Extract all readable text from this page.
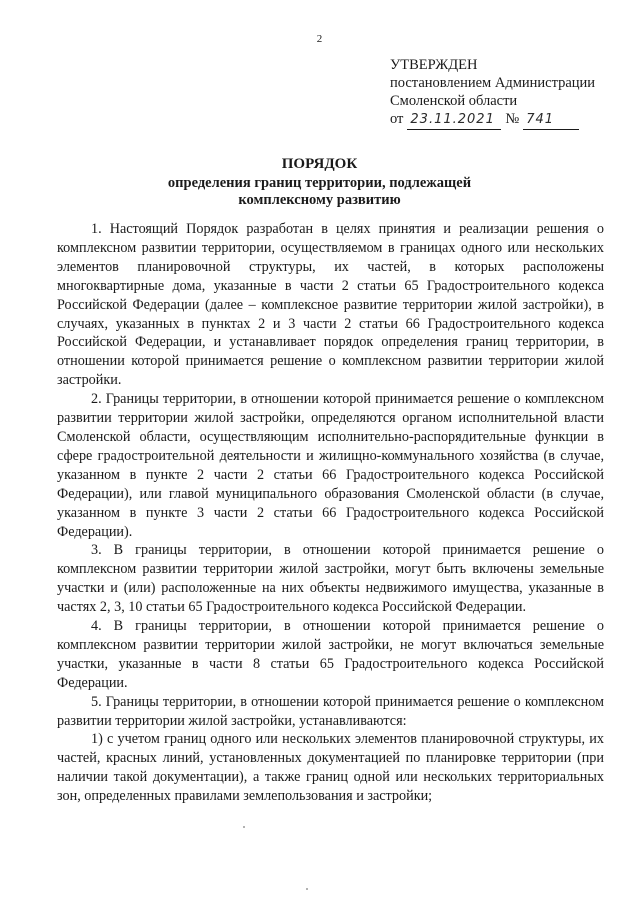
2
УТВЕРЖДЕН
постановлением Администрации
Смоленской области
от 23.11.2021 № 741
ПОРЯДОК
определения границ территории, подлежащей
комплексному развитию

1. Настоящий Порядок разработан в целях принятия и реализации решения о комплексном развитии территории, осуществляемом в границах одного или нескольких элементов планировочной структуры, их частей, в которых расположены многоквартирные дома, указанные в части 2 статьи 65 Градостроительного кодекса Российской Федерации (далее – комплексное развитие территории жилой застройки), в случаях, указанных в пунктах 2 и 3 части 2 статьи 66 Градостроительного кодекса Российской Федерации, и устанавливает порядок определения границ территории, в отношении которой принимается решение о комплексном развитии территории жилой застройки.

2. Границы территории, в отношении которой принимается решение о комплексном развитии территории жилой застройки, определяются органом исполнительной власти Смоленской области, осуществляющим исполнительно-распорядительные функции в сфере градостроительной деятельности и жилищно-коммунального хозяйства (в случае, указанном в пункте 2 части 2 статьи 66 Градостроительного кодекса Российской Федерации), или главой муниципального образования Смоленской области (в случае, указанном в пункте 3 части 2 статьи 66 Градостроительного кодекса Российской Федерации).

3. В границы территории, в отношении которой принимается решение о комплексном развитии территории жилой застройки, могут быть включены земельные участки и (или) расположенные на них объекты недвижимого имущества, указанные в частях 2, 3, 10 статьи 65 Градостроительного кодекса Российской Федерации.

4. В границы территории, в отношении которой принимается решение о комплексном развитии территории жилой застройки, не могут включаться земельные участки, указанные в части 8 статьи 65 Градостроительного кодекса Российской Федерации.

5. Границы территории, в отношении которой принимается решение о комплексном развитии территории жилой застройки, устанавливаются:

1) с учетом границ одного или нескольких элементов планировочной структуры, их частей, красных линий, установленных документацией по планировке территории (при наличии такой документации), а также границ одной или нескольких территориальных зон, определенных правилами землепользования и застройки;
